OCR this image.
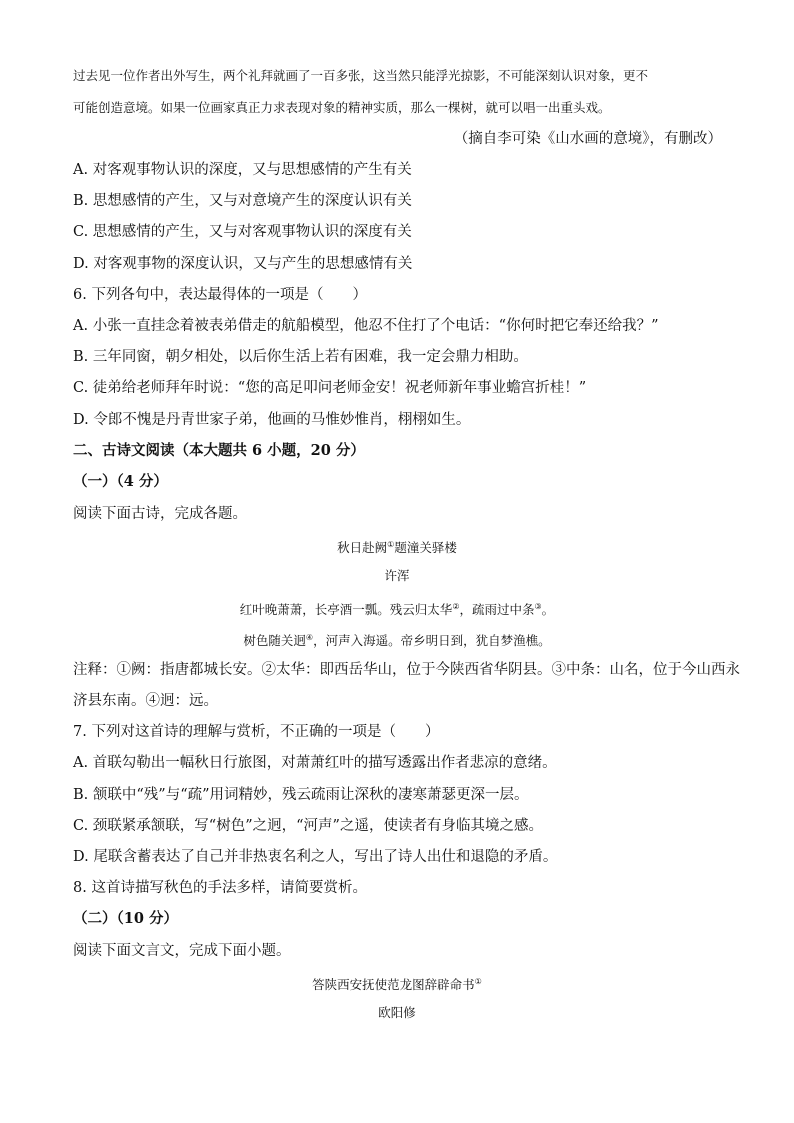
过去见一位作者出外写生，两个礼拜就画了一百多张，这当然只能浮光掠影，不可能深刻认识对象，更不
可能创造意境。如果一位画家真正力求表现对象的精神实质，那么一棵树，就可以唱一出重头戏。
（摘自李可染《山水画的意境》，有删改）
A. 对客观事物认识的深度，又与思想感情的产生有关
B. 思想感情的产生，又与对意境产生的深度认识有关
C. 思想感情的产生，又与对客观事物认识的深度有关
D. 对客观事物的深度认识，又与产生的思想感情有关
6. 下列各句中，表达最得体的一项是（　　）
A. 小张一直挂念着被表弟借走的航船模型，他忍不住打了个电话：“你何时把它奉还给我？”
B. 三年同窗，朝夕相处，以后你生活上若有困难，我一定会鼎力相助。
C. 徒弟给老师拜年时说：“您的高足叩问老师金安！祝老师新年事业蟾宫折桂！”
D. 令郎不愧是丹青世家子弟，他画的马惟妙惟肖，栩栩如生。
二、古诗文阅读（本大题共 6 小题，20 分）
（一）（4 分）
阅读下面古诗，完成各题。
秋日赴阙①题潼关驿楼
许浑
红叶晚萧萧，长亭酒一瓢。残云归太华②，疏雨过中条③。
树色随关迥④，河声入海遥。帝乡明日到，犹自梦渔樵。
注释：①阙：指唐都城长安。②太华：即西岳华山，位于今陕西省华阴县。③中条：山名，位于今山西永
济县东南。④迥：远。
7. 下列对这首诗的理解与赏析，不正确的一项是（　　）
A. 首联勾勒出一幅秋日行旅图，对萧萧红叶的描写透露出作者悲凉的意绪。
B. 颔联中“残”与“疏”用词精妙，残云疏雨让深秋的凄寒萧瑟更深一层。
C. 颈联紧承颔联，写“树色”之迥，“河声”之遥，使读者有身临其境之感。
D. 尾联含蓄表达了自己并非热衷名利之人，写出了诗人出仕和退隐的矛盾。
8. 这首诗描写秋色的手法多样，请简要赏析。
（二）（10 分）
阅读下面文言文，完成下面小题。
答陕西安抚使范龙图辞辟命书①
欧阳修
